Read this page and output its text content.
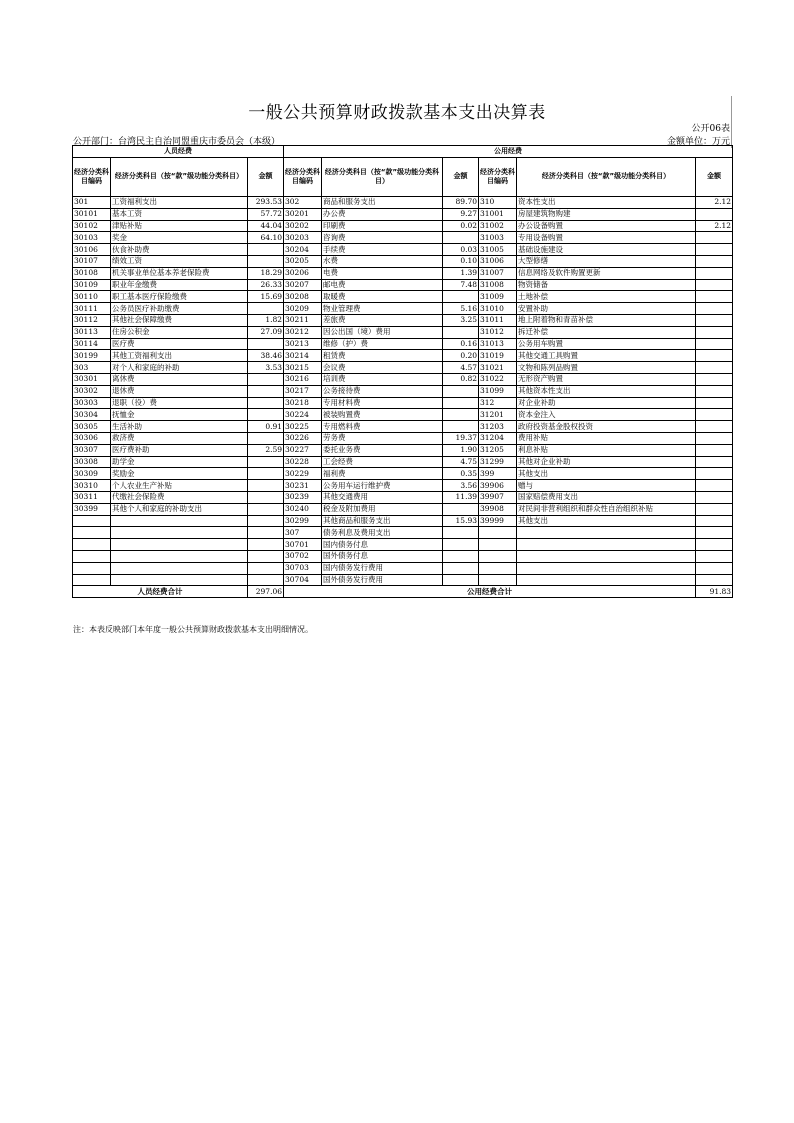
一般公共预算财政拨款基本支出决算表
公开06表
公开部门：台湾民主自治同盟重庆市委员会（本级）	金额单位：万元
人员经费			公用经费					
经济分类科目编码	经济分类科目（按“款”级功能分类科目）	金额	经济分类科目编码	经济分类科目（按“款”级功能分类科目）	金额	经济分类科目编码	经济分类科目（按“款”级功能分类科目）	金额
301	工资福利支出	293.53	302	商品和服务支出	89.70	310	资本性支出	2.12
30101	基本工资	57.72	30201	办公费	9.27	31001	房屋建筑物购建	
30102	津贴补贴	44.04	30202	印刷费	0.02	31002	办公设备购置	2.12
30103	奖金	64.10	30203	咨询费		31003	专用设备购置	
30106	伙食补助费		30204	手续费	0.03	31005	基础设施建设	
30107	绩效工资		30205	水费	0.10	31006	大型修缮	
30108	机关事业单位基本养老保险费	18.29	30206	电费	1.39	31007	信息网络及软件购置更新	
30109	职业年金缴费	26.33	30207	邮电费	7.48	31008	物资储备	
30110	职工基本医疗保险缴费	15.69	30208	取暖费		31009	土地补偿	
30111	公务员医疗补助缴费		30209	物业管理费	5.16	31010	安置补助	
30112	其他社会保障缴费	1.82	30211	差旅费	3.25	31011	地上附着物和青苗补偿	
30113	住房公积金	27.09	30212	因公出国（境）费用		31012	拆迁补偿	
30114	医疗费		30213	维修（护）费	0.16	31013	公务用车购置	
30199	其他工资福利支出	38.46	30214	租赁费	0.20	31019	其他交通工具购置	
303	对个人和家庭的补助	3.53	30215	会议费	4.57	31021	文物和陈列品购置	
30301	离休费		30216	培训费	0.82	31022	无形资产购置	
30302	退休费		30217	公务接待费		31099	其他资本性支出	
30303	退职（役）费		30218	专用材料费		312	对企业补助	
30304	抚恤金		30224	被装购置费		31201	资本金注入	
30305	生活补助	0.91	30225	专用燃料费		31203	政府投资基金股权投资	
30306	救济费		30226	劳务费	19.37	31204	费用补贴	
30307	医疗费补助	2.59	30227	委托业务费	1.90	31205	利息补贴	
30308	助学金		30228	工会经费	4.75	31299	其他对企业补助	
30309	奖励金		30229	福利费	0.35	399	其他支出	
30310	个人农业生产补贴		30231	公务用车运行维护费	3.56	39906	赠与	
30311	代缴社会保险费		30239	其他交通费用	11.39	39907	国家赔偿费用支出	
30399	其他个人和家庭的补助支出		30240	税金及附加费用		39908	对民间非营利组织和群众性自治组织补贴	
			30299	其他商品和服务支出	15.93	39999	其他支出	
			307	债务利息及费用支出				
			30701	国内债务付息				
			30702	国外债务付息				
			30703	国内债务发行费用				
			30704	国外债务发行费用				
人员经费合计		297.06	公用经费合计					91.83
注：本表反映部门本年度一般公共预算财政拨款基本支出明细情况。
